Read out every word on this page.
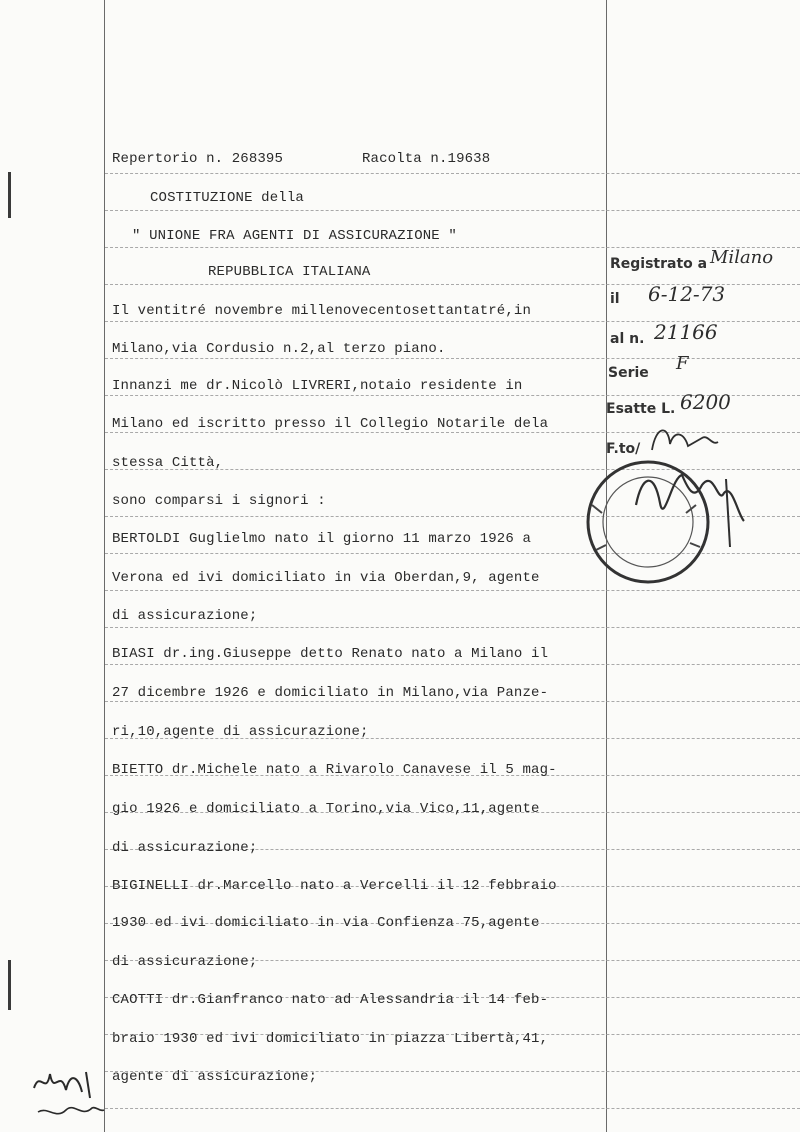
Repertorio n. 268395	Racolta n.19638
COSTITUZIONE della
" UNIONE FRA AGENTI DI ASSICURAZIONE "
REPUBBLICA ITALIANA
Il ventitré novembre millenovecentosettantatré,in
Milano,via Cordusio n.2,al terzo piano.
Innanzi me dr.Nicolò LIVRERI,notaio residente in
Milano ed iscritto presso il Collegio Notarile dela
stessa Città,
sono comparsi i signori :
BERTOLDI Guglielmo nato il giorno 11 marzo 1926 a
Verona ed ivi domiciliato in via Oberdan,9, agente
di assicurazione;
BIASI dr.ing.Giuseppe detto Renato nato a Milano il
27 dicembre 1926 e domiciliato in Milano,via Panze-
ri,10,agente di assicurazione;
BIETTO dr.Michele nato a Rivarolo Canavese il 5 mag-
gio 1926 e domiciliato a Torino,via Vico,11,agente
di assicurazione;
BIGINELLI dr.Marcello nato a Vercelli il 12 febbraio
1930 ed ivi domiciliato in via Confienza 75,agente
di assicurazione;
CAOTTI dr.Gianfranco nato ad Alessandria il 14 feb-
braio 1930 ed ivi domiciliato in piazza Libertà,41,
agente di assicurazione;
Registrato a Milano
il 6-12-73
al n. 21166
Serie F
Esatte L. 6200
F.to/
